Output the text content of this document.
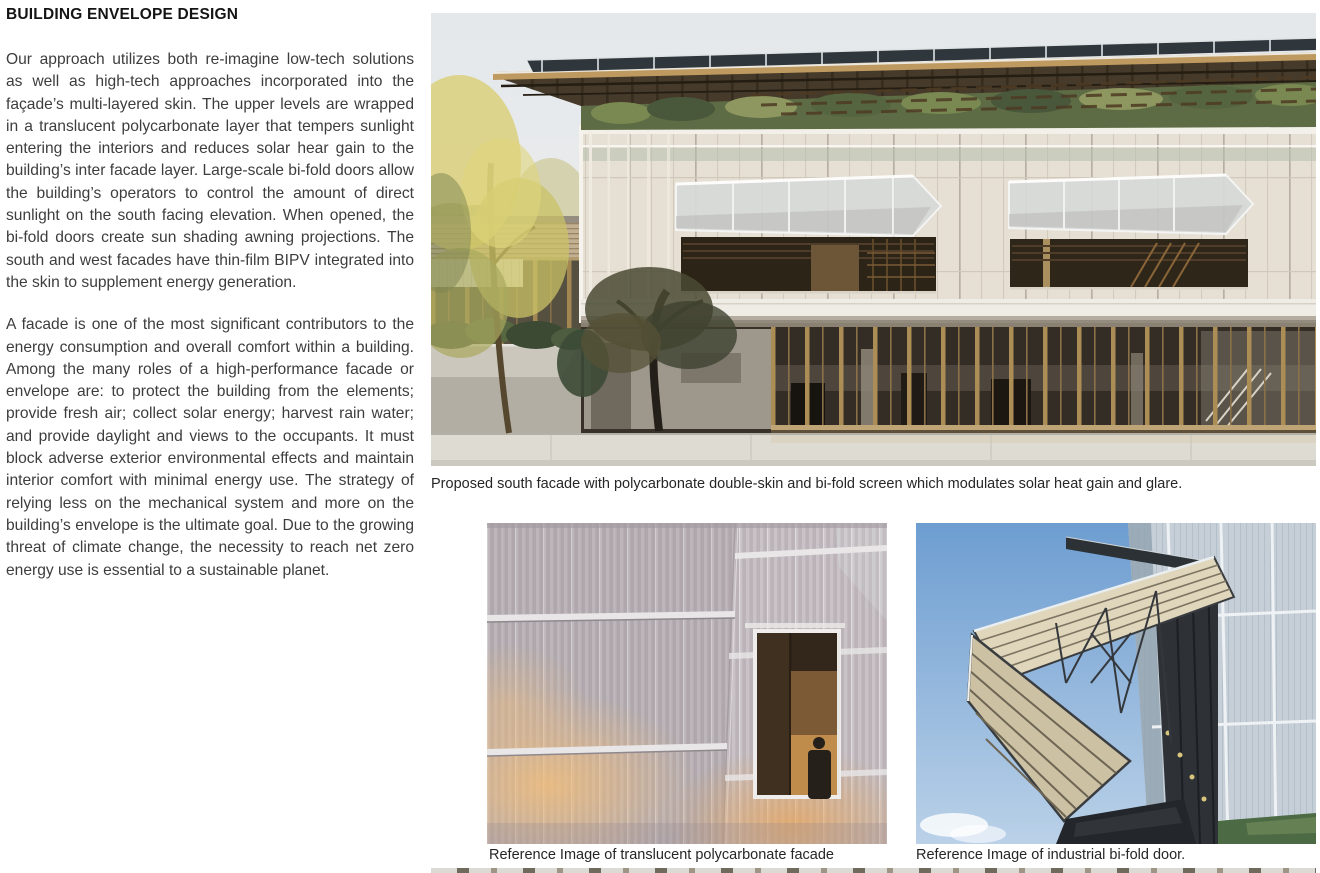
BUILDING ENVELOPE DESIGN

Our approach utilizes both re-imagine low-tech solutions as well as high-tech approaches incorporated into the façade’s multi-layered skin. The upper levels are wrapped in a translucent polycarbonate layer that tempers sunlight entering the interiors and reduces solar hear gain to the building’s inter facade layer. Large-scale bi-fold doors allow the building’s operators to control the amount of direct sunlight on the south facing elevation. When opened, the bi-fold doors create sun shading awning projections. The south and west facades have thin-film BIPV integrated into the skin to supplement energy generation.

A facade is one of the most significant contributors to the energy consumption and overall comfort within a building. Among the many roles of a high-performance facade or envelope are: to protect the building from the elements; provide fresh air; collect solar energy; harvest rain water; and provide daylight and views to the occupants. It must block adverse exterior environmental effects and maintain interior comfort with minimal energy use. The strategy of relying less on the mechanical system and more on the building’s envelope is the ultimate goal. Due to the growing threat of climate change, the necessity to reach net zero energy use is essential to a sustainable planet.

Proposed south facade with polycarbonate double-skin and bi-fold screen which modulates solar heat gain and glare.
Reference Image of translucent polycarbonate facade	Reference Image of industrial bi-fold door.
